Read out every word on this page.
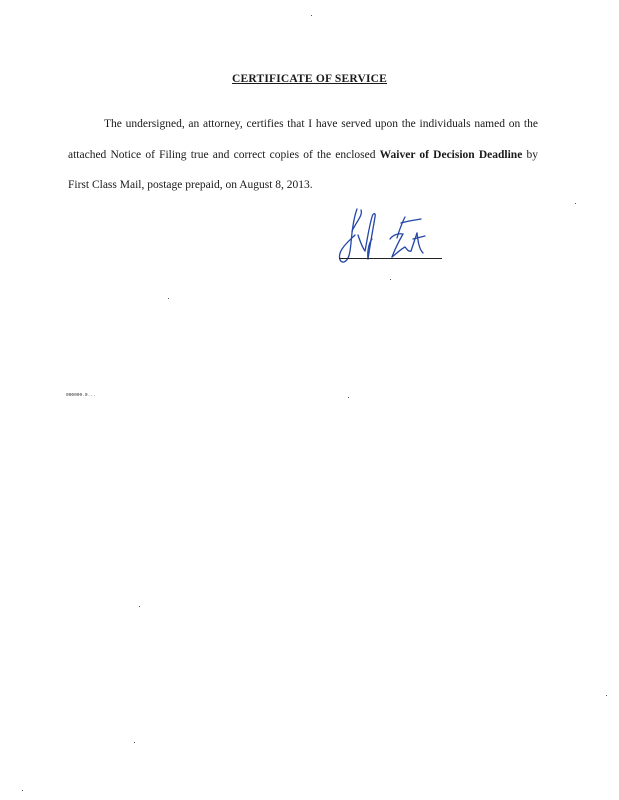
CERTIFICATE OF SERVICE
The undersigned, an attorney, certifies that I have served upon the individuals named on the attached Notice of Filing true and correct copies of the enclosed Waiver of Decision Deadline by First Class Mail, postage prepaid, on August 8, 2013.
000000.0...
